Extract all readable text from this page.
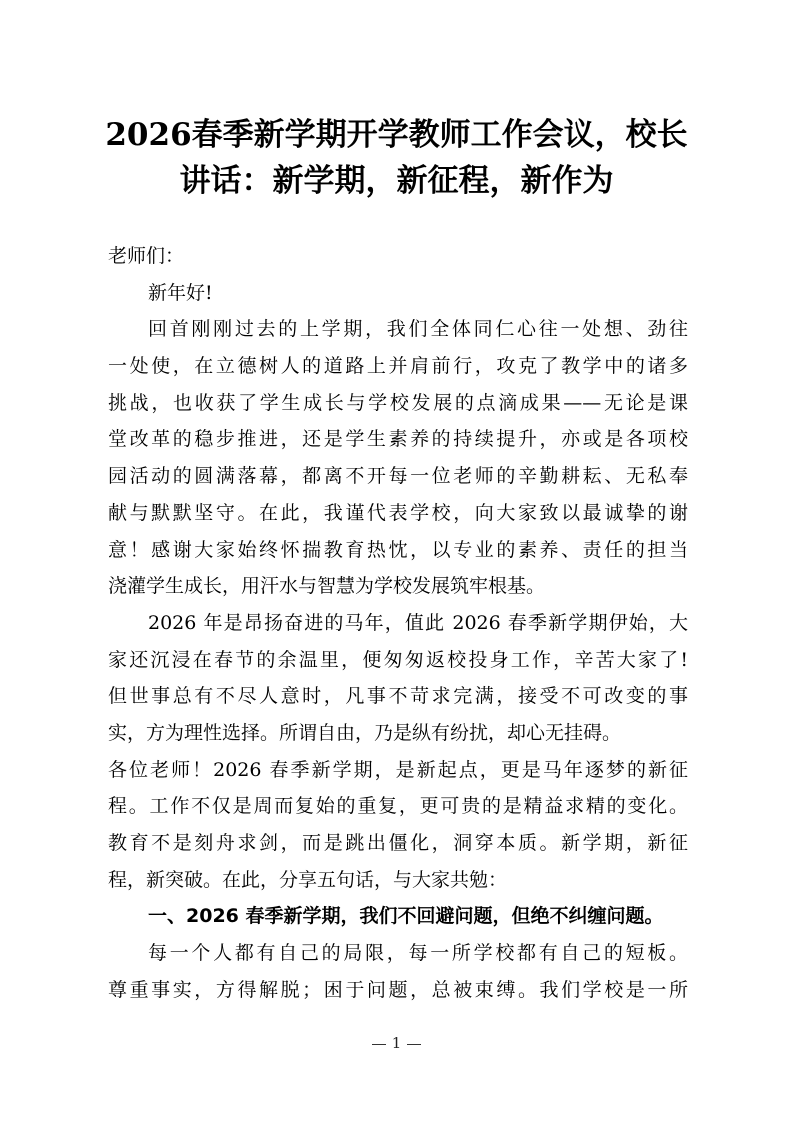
2026春季新学期开学教师工作会议，校长
讲话：新学期，新征程，新作为
老师们：
新年好!
回首刚刚过去的上学期，我们全体同仁心往一处想、劲往
一处使，在立德树人的道路上并肩前行，攻克了教学中的诸多
挑战，也收获了学生成长与学校发展的点滴成果——无论是课
堂改革的稳步推进，还是学生素养的持续提升，亦或是各项校
园活动的圆满落幕，都离不开每一位老师的辛勤耕耘、无私奉
献与默默坚守。在此，我谨代表学校，向大家致以最诚挚的谢
意！感谢大家始终怀揣教育热忱，以专业的素养、责任的担当
浇灌学生成长，用汗水与智慧为学校发展筑牢根基。
2026 年是昂扬奋进的马年，值此 2026 春季新学期伊始，大
家还沉浸在春节的余温里，便匆匆返校投身工作，辛苦大家了!
但世事总有不尽人意时，凡事不苛求完满，接受不可改变的事
实，方为理性选择。所谓自由，乃是纵有纷扰，却心无挂碍。
各位老师！2026 春季新学期，是新起点，更是马年逐梦的新征
程。工作不仅是周而复始的重复，更可贵的是精益求精的变化。
教育不是刻舟求剑，而是跳出僵化，洞穿本质。新学期，新征
程，新突破。在此，分享五句话，与大家共勉：
一、2026 春季新学期，我们不回避问题，但绝不纠缠问题。
每一个人都有自己的局限，每一所学校都有自己的短板。
尊重事实，方得解脱；困于问题，总被束缚。我们学校是一所
1
